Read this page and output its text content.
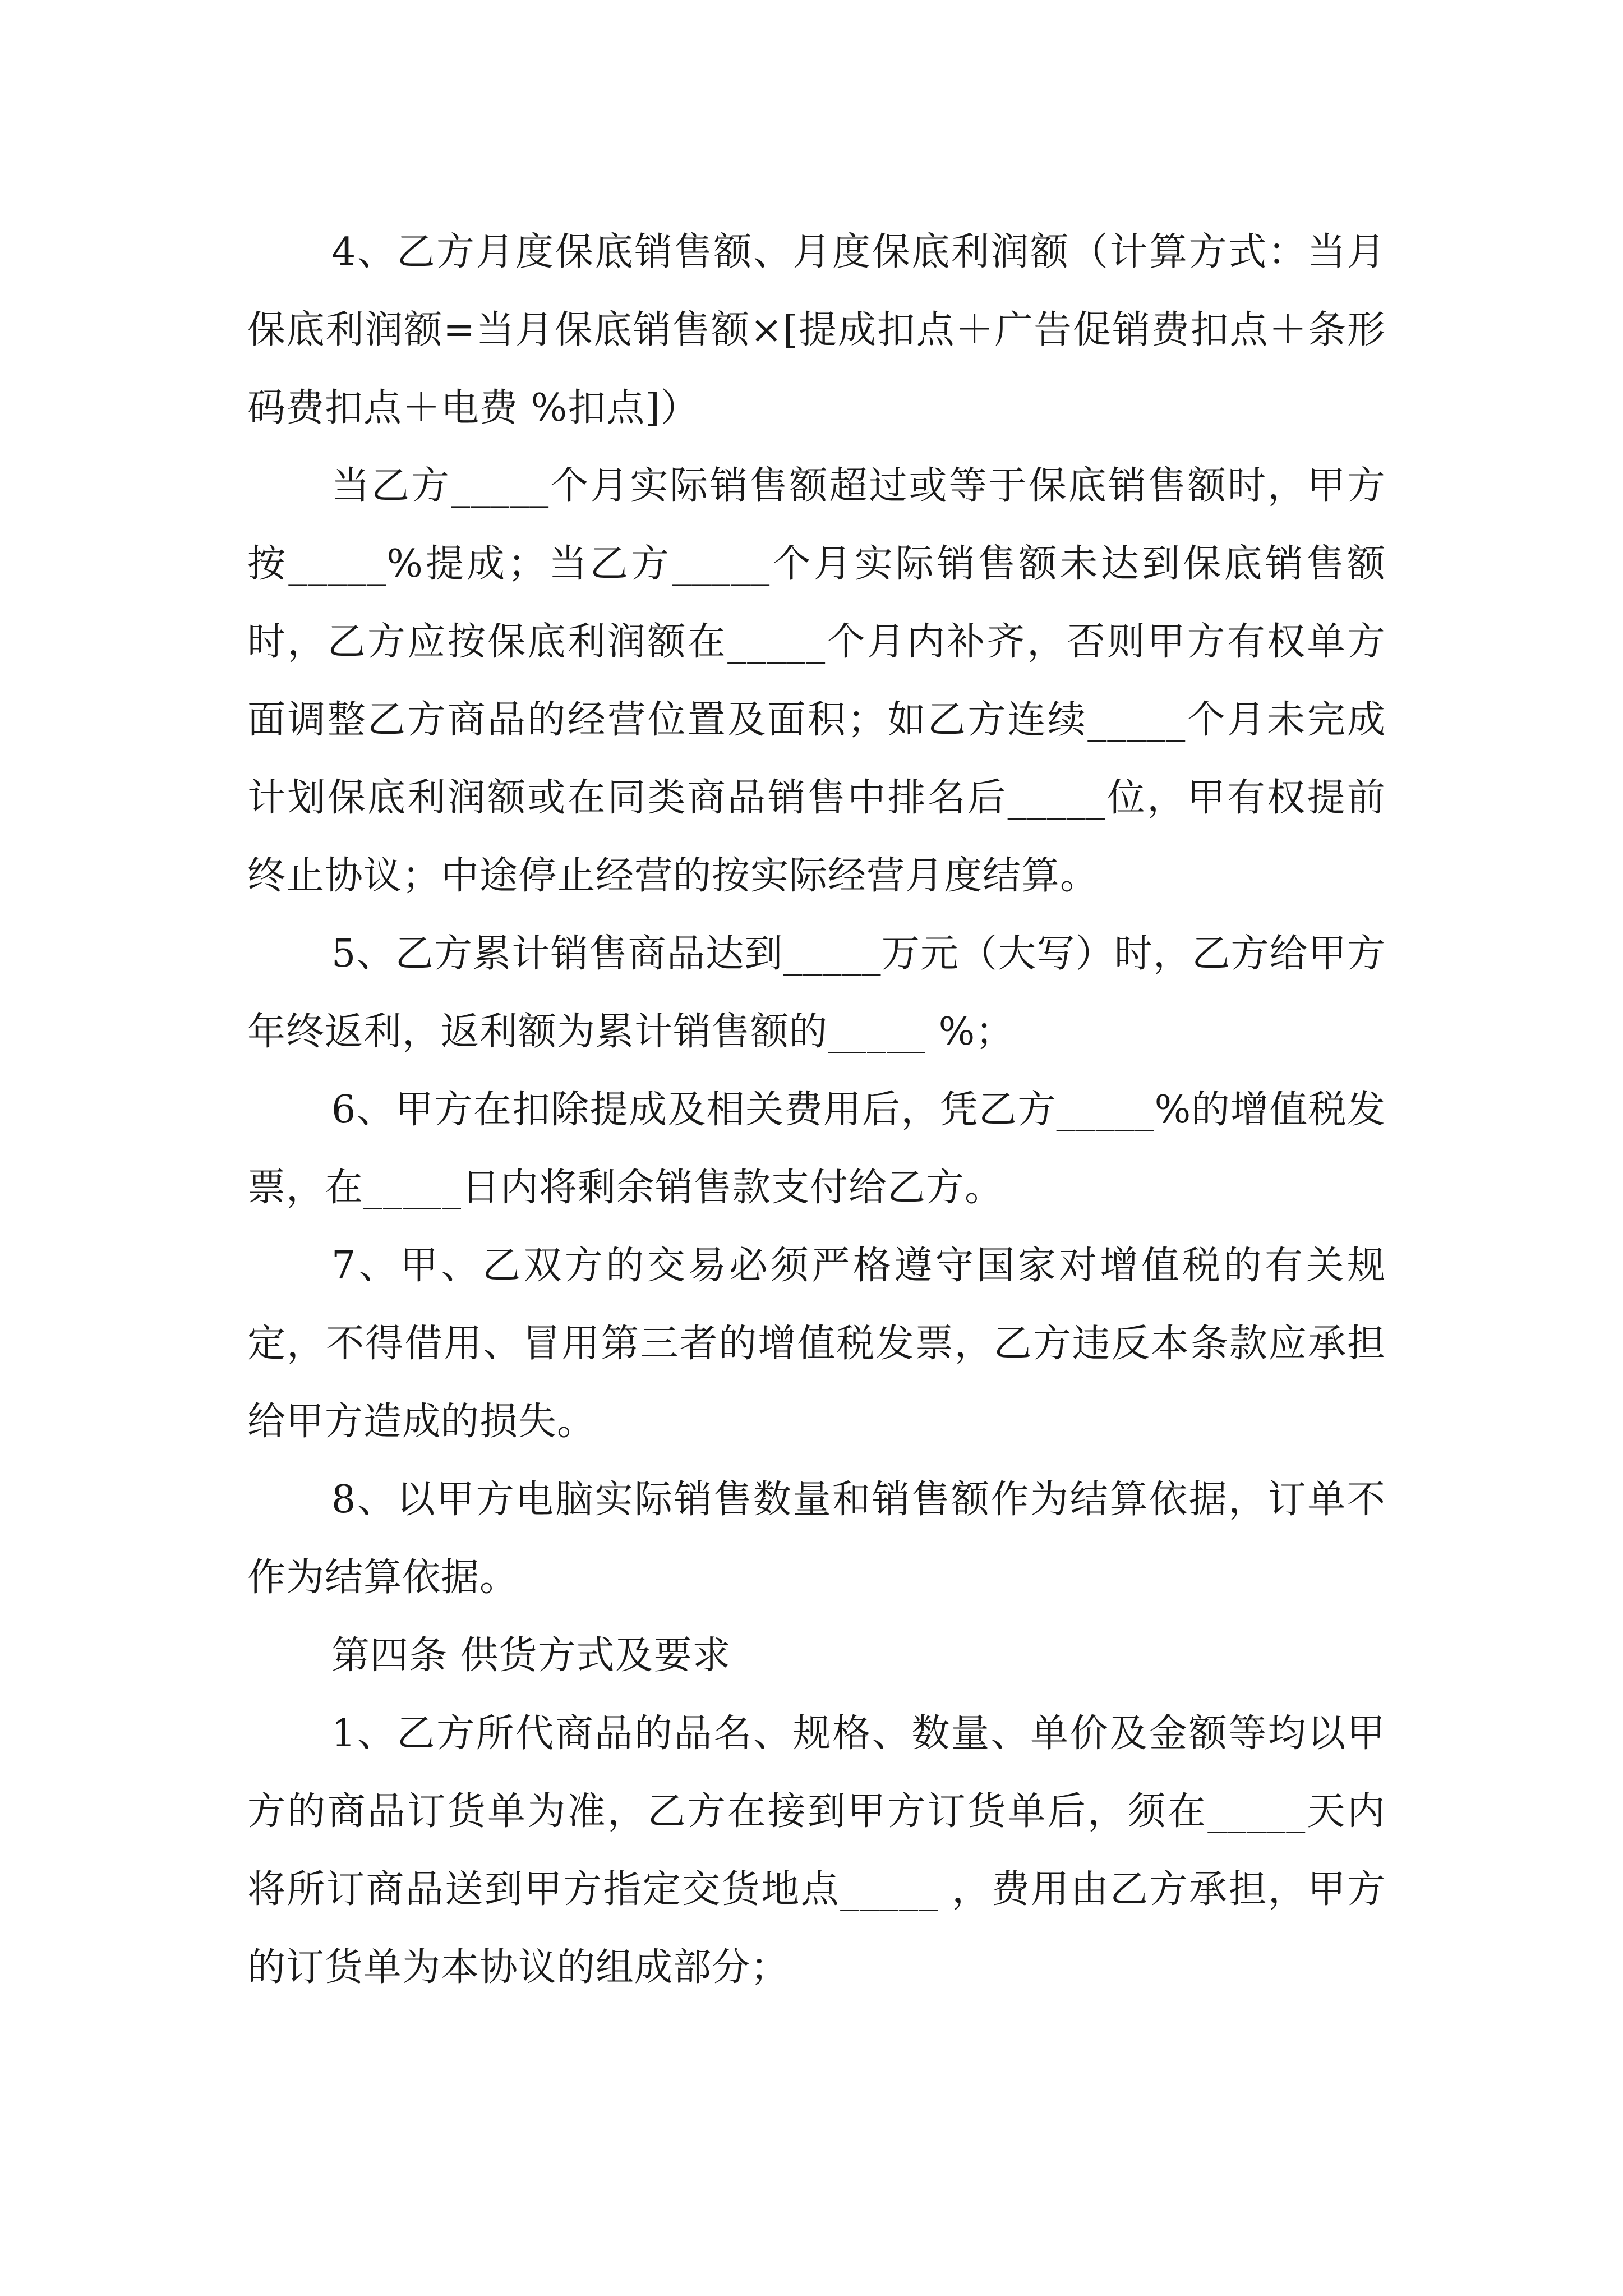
4、乙方月度保底销售额、月度保底利润额（计算方式：当月保底利润额=当月保底销售额×[提成扣点＋广告促销费扣点＋条形码费扣点＋电费 %扣点]）

当乙方_____个月实际销售额超过或等于保底销售额时，甲方按_____%提成；当乙方_____个月实际销售额未达到保底销售额时，乙方应按保底利润额在_____个月内补齐，否则甲方有权单方面调整乙方商品的经营位置及面积；如乙方连续_____个月未完成计划保底利润额或在同类商品销售中排名后_____位，甲有权提前终止协议；中途停止经营的按实际经营月度结算。

5、乙方累计销售商品达到_____万元（大写）时，乙方给甲方年终返利，返利额为累计销售额的_____ %；

6、甲方在扣除提成及相关费用后，凭乙方_____%的增值税发票，在_____日内将剩余销售款支付给乙方。

7、甲、乙双方的交易必须严格遵守国家对增值税的有关规定，不得借用、冒用第三者的增值税发票，乙方违反本条款应承担给甲方造成的损失。

8、以甲方电脑实际销售数量和销售额作为结算依据，订单不作为结算依据。

第四条 供货方式及要求

1、乙方所代商品的品名、规格、数量、单价及金额等均以甲方的商品订货单为准，乙方在接到甲方订货单后，须在_____天内将所订商品送到甲方指定交货地点_____ ，费用由乙方承担，甲方的订货单为本协议的组成部分；
